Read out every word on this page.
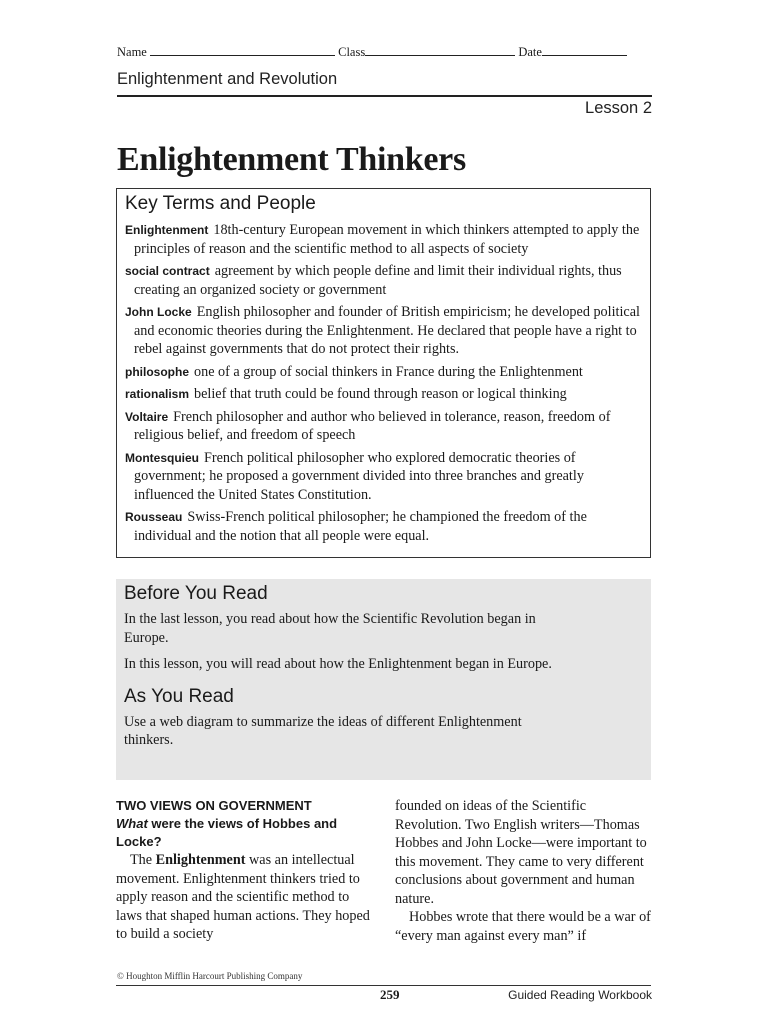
Name	Class	Date
Enlightenment and Revolution
Lesson 2
Enlightenment Thinkers
Key Terms and People

Enlightenment 18th-century European movement in which thinkers attempted to apply the principles of reason and the scientific method to all aspects of society

social contract agreement by which people define and limit their individual rights, thus creating an organized society or government

John Locke English philosopher and founder of British empiricism; he developed political and economic theories during the Enlightenment. He declared that people have a right to rebel against governments that do not protect their rights.

philosophe one of a group of social thinkers in France during the Enlightenment

rationalism belief that truth could be found through reason or logical thinking

Voltaire French philosopher and author who believed in tolerance, reason, freedom of religious belief, and freedom of speech

Montesquieu French political philosopher who explored democratic theories of government; he proposed a government divided into three branches and greatly influenced the United States Constitution.

Rousseau Swiss-French political philosopher; he championed the freedom of the individual and the notion that all people were equal.

Before You Read

In the last lesson, you read about how the Scientific Revolution began in Europe.

In this lesson, you will read about how the Enlightenment began in Europe.

As You Read

Use a web diagram to summarize the ideas of different Enlightenment thinkers.

TWO VIEWS ON GOVERNMENT

What were the views of Hobbes and Locke?

The Enlightenment was an intellectual movement. Enlightenment thinkers tried to apply reason and the scientific method to laws that shaped human actions. They hoped to build a society

founded on ideas of the Scientific Revolution. Two English writers—Thomas Hobbes and John Locke—were important to this movement. They came to very different conclusions about government and human nature.

Hobbes wrote that there would be a war of “every man against every man” if

© Houghton Mifflin Harcourt Publishing Company
259	Guided Reading Workbook
